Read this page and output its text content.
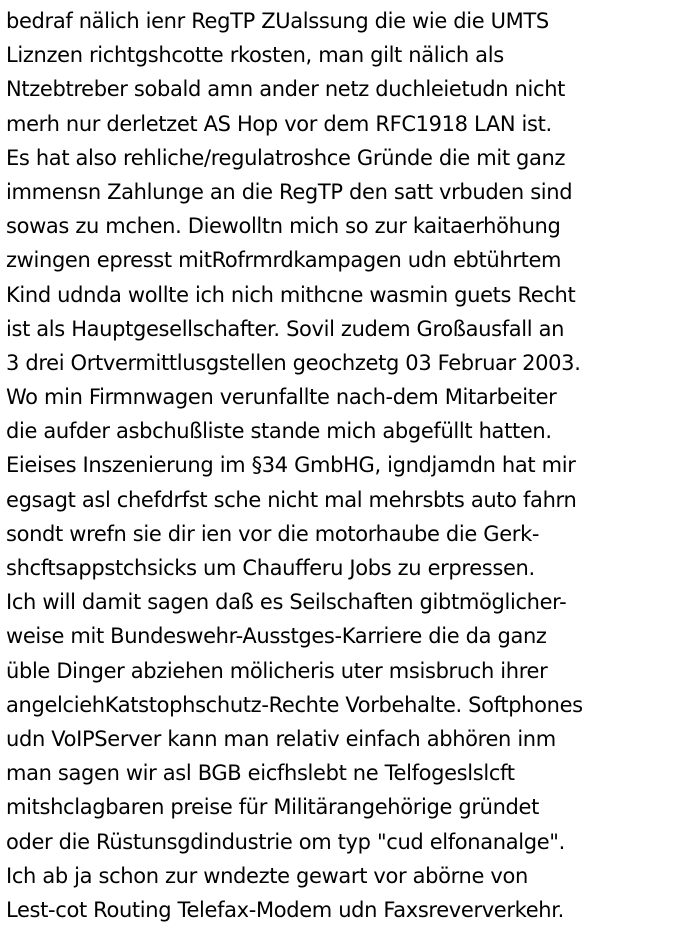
bedraf nälich ienr RegTP ZUalssung die wie die UMTS
Liznzen richtgshcotte rkosten, man gilt nälich als
Ntzebtreber sobald amn ander netz duchleietudn nicht
merh nur derletzet AS Hop vor dem RFC1918 LAN ist.
Es hat also rehliche/regulatroshce Gründe die mit ganz
immensn Zahlunge an die RegTP den satt vrbuden sind
sowas zu mchen. Diewolltn mich so zur kaitaerhöhung
zwingen epresst mitRofrmrdkampagen udn ebtührtem
Kind udnda wollte ich nich mithcne wasmin guets Recht
ist als Hauptgesellschafter. Sovil zudem Großausfall an
3 drei Ortvermittlusgstellen geochzetg 03 Februar 2003.
Wo min Firmnwagen verunfallte nach-dem Mitarbeiter
die aufder asbchußliste stande mich abgefüllt hatten.
Eieises Inszenierung im §34 GmbHG, igndjamdn hat mir
egsagt asl chefdrfst sche nicht mal mehrsbts auto fahrn
sondt wrefn sie dir ien vor die motorhaube die Gerk-
shcftsappstchsicks um Chaufferu Jobs zu erpressen.
Ich will damit sagen daß es Seilschaften gibtmöglicher-
weise mit Bundeswehr-Ausstges-Karriere die da ganz
üble Dinger abziehen mölicheris uter msisbruch ihrer
angelciehKatstophschutz-Rechte Vorbehalte. Softphones
udn VoIPServer kann man relativ einfach abhören inm
man sagen wir asl BGB eicfhslebt ne Telfogeslslcft
mitshclagbaren preise für Militärangehörige gründet
oder die Rüstunsgdindustrie om typ "cud elfonanalge".
Ich ab ja schon zur wndezte gewart vor abörne von
Lest-cot Routing Telefax-Modem udn Faxsreververkehr.
